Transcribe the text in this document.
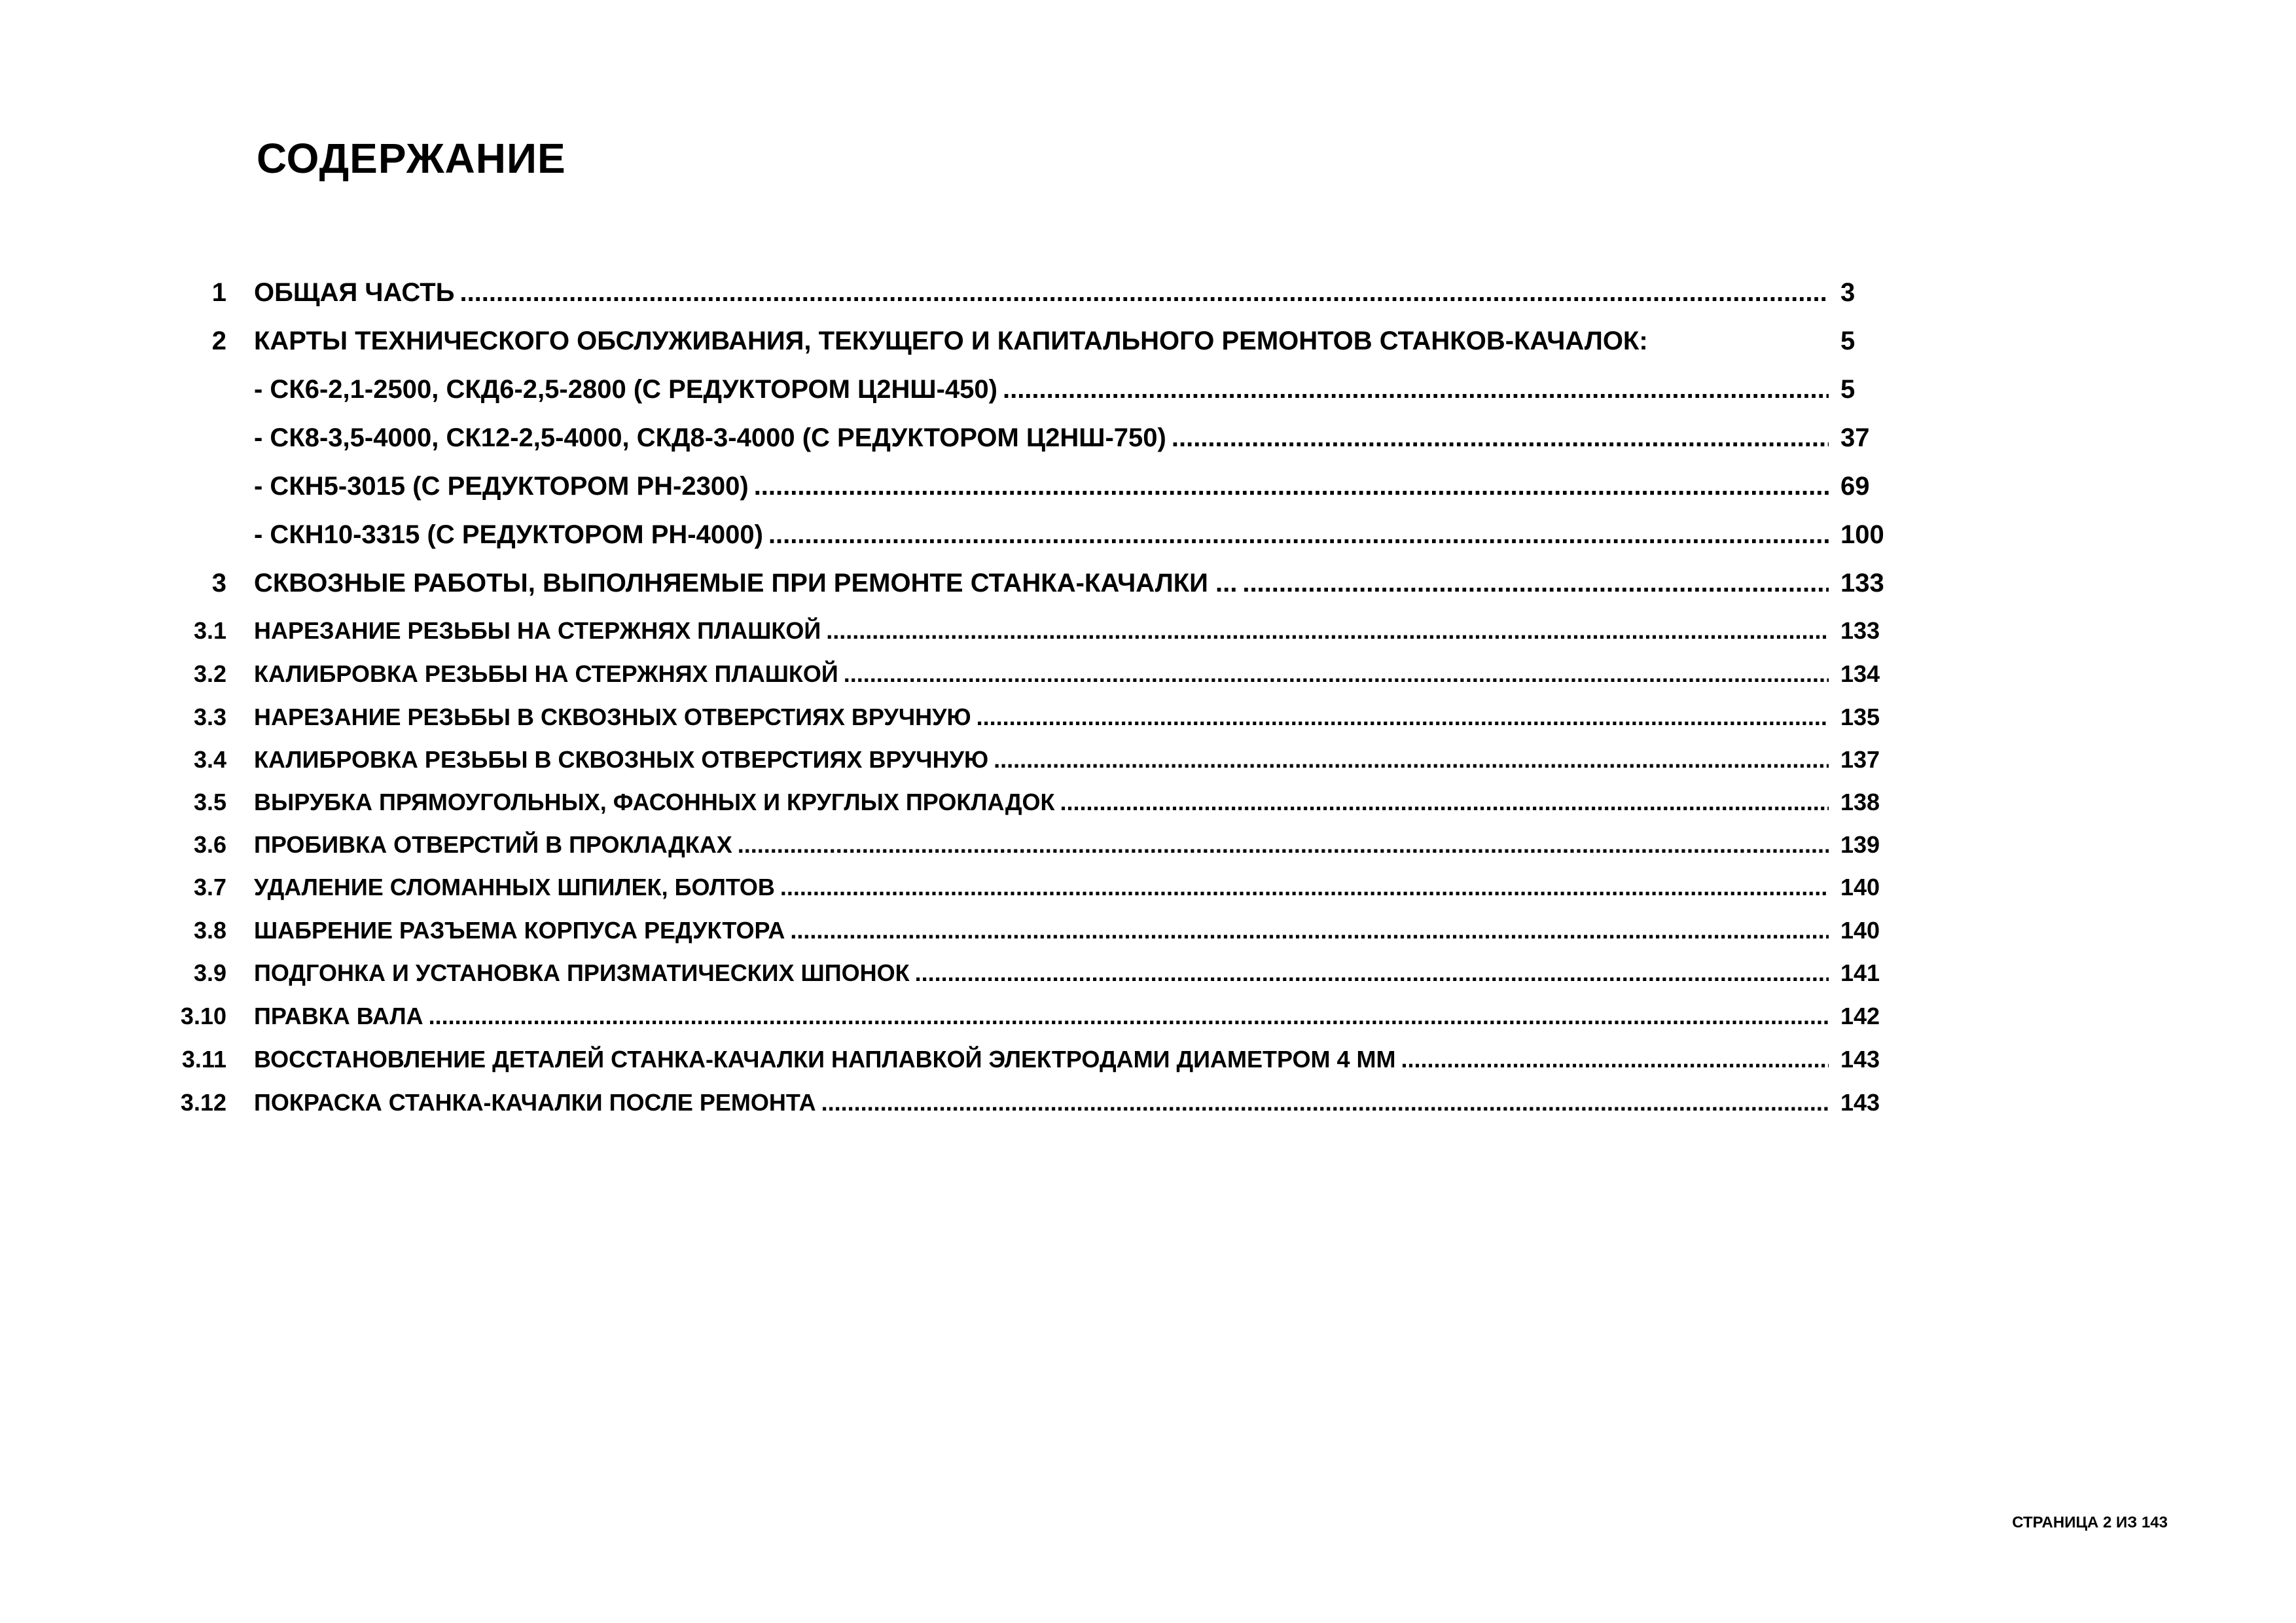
СОДЕРЖАНИЕ
1 ОБЩАЯ ЧАСТЬ .....	3
2 КАРТЫ ТЕХНИЧЕСКОГО ОБСЛУЖИВАНИЯ, ТЕКУЩЕГО И КАПИТАЛЬНОГО РЕМОНТОВ СТАНКОВ-КАЧАЛОК:	5
- СК6-2,1-2500, СКД6-2,5-2800 (С РЕДУКТОРОМ Ц2НШ-450) .....	5
- СК8-3,5-4000, СК12-2,5-4000, СКД8-3-4000 (С РЕДУКТОРОМ Ц2НШ-750) .....	37
- СКН5-3015 (С РЕДУКТОРОМ РН-2300) .....	69
- СКН10-3315 (С РЕДУКТОРОМ РН-4000) .....	100
3 СКВОЗНЫЕ РАБОТЫ, ВЫПОЛНЯЕМЫЕ ПРИ РЕМОНТЕ СТАНКА-КАЧАЛКИ ... .....	133
3.1 НАРЕЗАНИЕ РЕЗЬБЫ НА СТЕРЖНЯХ ПЛАШКОЙ .....	133
3.2 КАЛИБРОВКА РЕЗЬБЫ НА СТЕРЖНЯХ ПЛАШКОЙ .....	134
3.3 НАРЕЗАНИЕ РЕЗЬБЫ В СКВОЗНЫХ ОТВЕРСТИЯХ ВРУЧНУЮ .....	135
3.4 КАЛИБРОВКА РЕЗЬБЫ В СКВОЗНЫХ ОТВЕРСТИЯХ ВРУЧНУЮ .....	137
3.5 ВЫРУБКА ПРЯМОУГОЛЬНЫХ, ФАСОННЫХ И КРУГЛЫХ ПРОКЛАДОК .....	138
3.6 ПРОБИВКА ОТВЕРСТИЙ В ПРОКЛАДКАХ .....	139
3.7 УДАЛЕНИЕ СЛОМАННЫХ ШПИЛЕК, БОЛТОВ .....	140
3.8 ШАБРЕНИЕ РАЗЪЕМА КОРПУСА РЕДУКТОРА .....	140
3.9 ПОДГОНКА И УСТАНОВКА ПРИЗМАТИЧЕСКИХ ШПОНОК .....	141
3.10 ПРАВКА ВАЛА .....	142
3.11 ВОССТАНОВЛЕНИЕ ДЕТАЛЕЙ СТАНКА-КАЧАЛКИ НАПЛАВКОЙ ЭЛЕКТРОДАМИ ДИАМЕТРОМ 4 ММ .....	143
3.12 ПОКРАСКА СТАНКА-КАЧАЛКИ ПОСЛЕ РЕМОНТА .....	143
СТРАНИЦА 2 ИЗ 143
